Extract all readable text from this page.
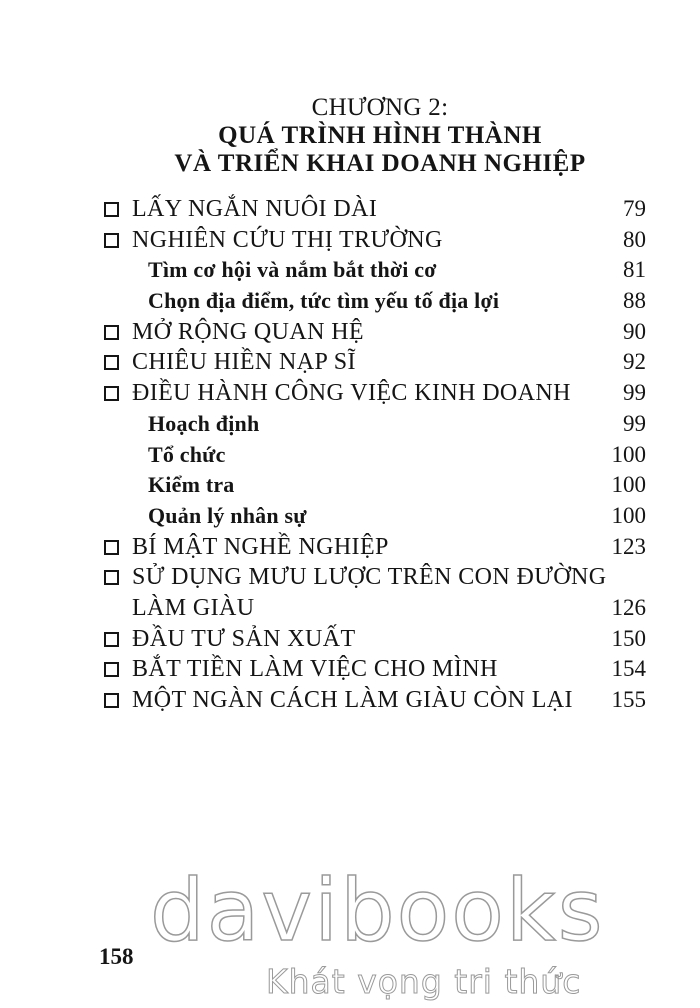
CHƯƠNG 2:
QUÁ TRÌNH HÌNH THÀNH
VÀ TRIỂN KHAI DOANH NGHIỆP
LẤY NGẮN NUÔI DÀI	79
NGHIÊN CỨU THỊ TRƯỜNG	80
Tìm cơ hội và nắm bắt thời cơ	81
Chọn địa điểm, tức tìm yếu tố địa lợi	88
MỞ RỘNG QUAN HỆ	90
CHIÊU HIỀN NẠP SĨ	92
ĐIỀU HÀNH CÔNG VIỆC KINH DOANH 99
Hoạch định	99
Tổ chức	100
Kiểm tra	100
Quản lý nhân sự	100
BÍ MẬT NGHỀ NGHIỆP	123
SỬ DỤNG MƯU LƯỢC TRÊN CON ĐƯỜNG
LÀM GIÀU	126
ĐẦU TƯ SẢN XUẤT	150
BẮT TIỀN LÀM VIỆC CHO MÌNH	154
MỘT NGÀN CÁCH LÀM GIÀU CÒN LẠI 155
davibooks
Khát vọng tri thức
158
